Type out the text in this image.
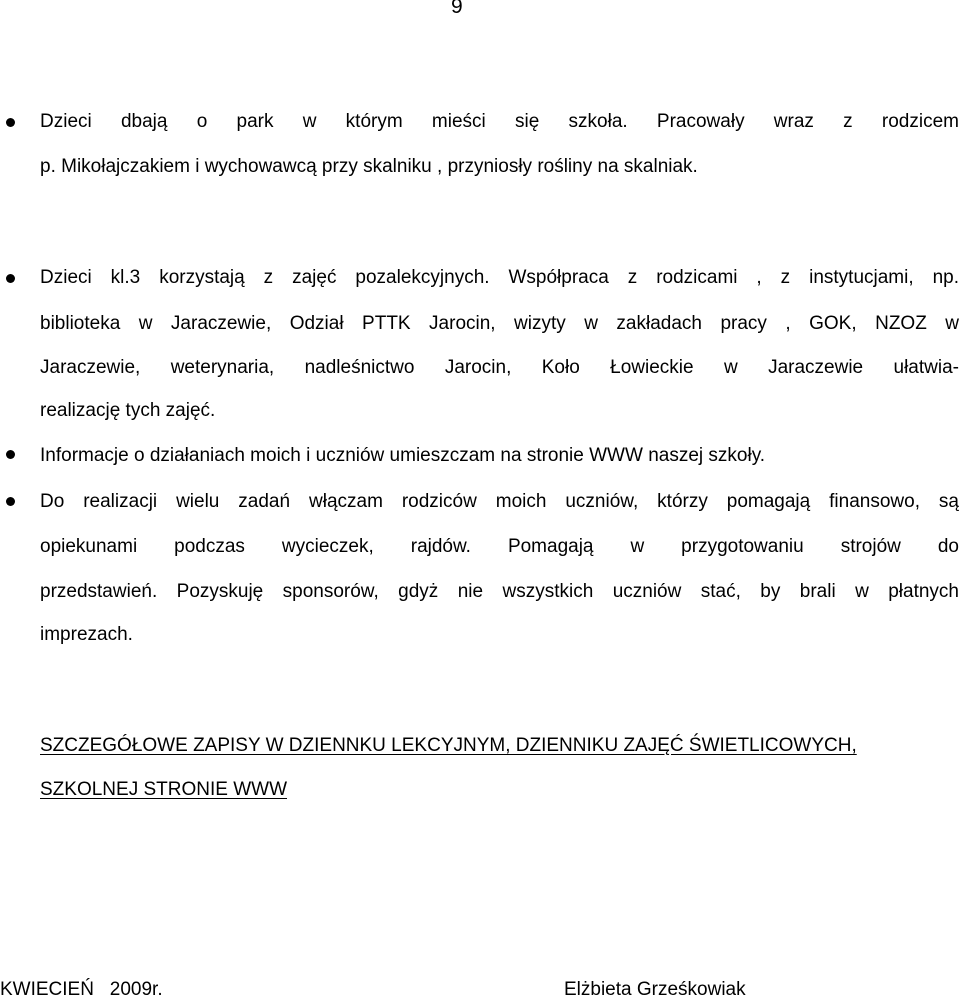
9
Dzieci dbają o park w którym mieści się szkoła. Pracowały wraz z rodzicem
p. Mikołajczakiem i wychowawcą przy skalniku , przyniosły rośliny na skalniak.
Dzieci kl.3 korzystają z zajęć pozalekcyjnych. Współpraca z rodzicami , z instytucjami, np.
biblioteka w Jaraczewie, Odział PTTK Jarocin, wizyty w zakładach pracy , GOK, NZOZ w
Jaraczewie, weterynaria, nadleśnictwo Jarocin, Koło Łowieckie w Jaraczewie ułatwia-
realizację tych zajęć.
Informacje o działaniach moich i uczniów umieszczam na stronie WWW naszej szkoły.
Do realizacji wielu zadań włączam rodziców moich uczniów, którzy pomagają finansowo, są
opiekunami podczas wycieczek, rajdów. Pomagają w przygotowaniu strojów do
przedstawień. Pozyskuję sponsorów, gdyż nie wszystkich uczniów stać, by brali w płatnych
imprezach.
SZCZEGÓŁOWE ZAPISY W DZIENNKU LEKCYJNYM, DZIENNIKU ZAJĘĆ ŚWIETLICOWYCH,
SZKOLNEJ STRONIE WWW
KWIECIEŃ   2009r.	Elżbieta Grześkowiak
